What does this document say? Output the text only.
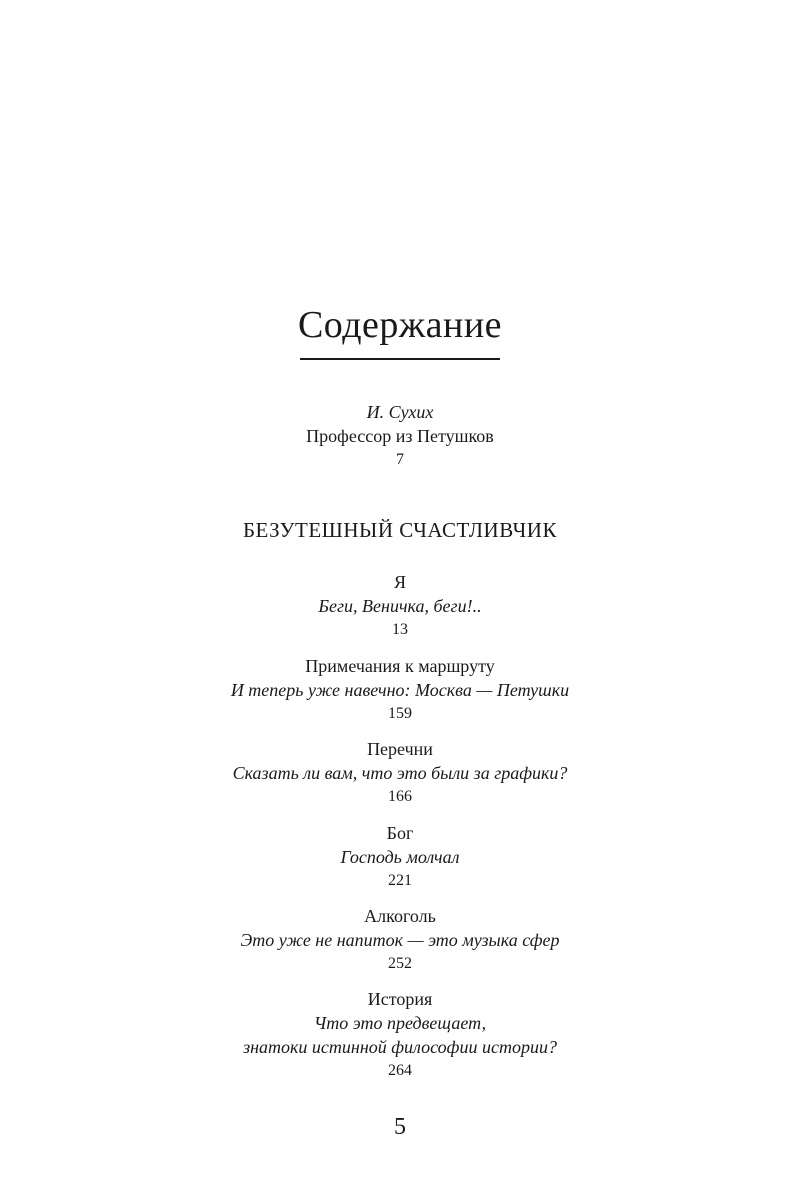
Содержание
И. Сухих
Профессор из Петушков
7
БЕЗУТЕШНЫЙ СЧАСТЛИВЧИК
Я
Беги, Веничка, беги!..
13
Примечания к маршруту
И теперь уже навечно: Москва — Петушки
159
Перечни
Сказать ли вам, что это были за графики?
166
Бог
Господь молчал
221
Алкоголь
Это уже не напиток — это музыка сфер
252
История
Что это предвещает,
знатоки истинной философии истории?
264
5
